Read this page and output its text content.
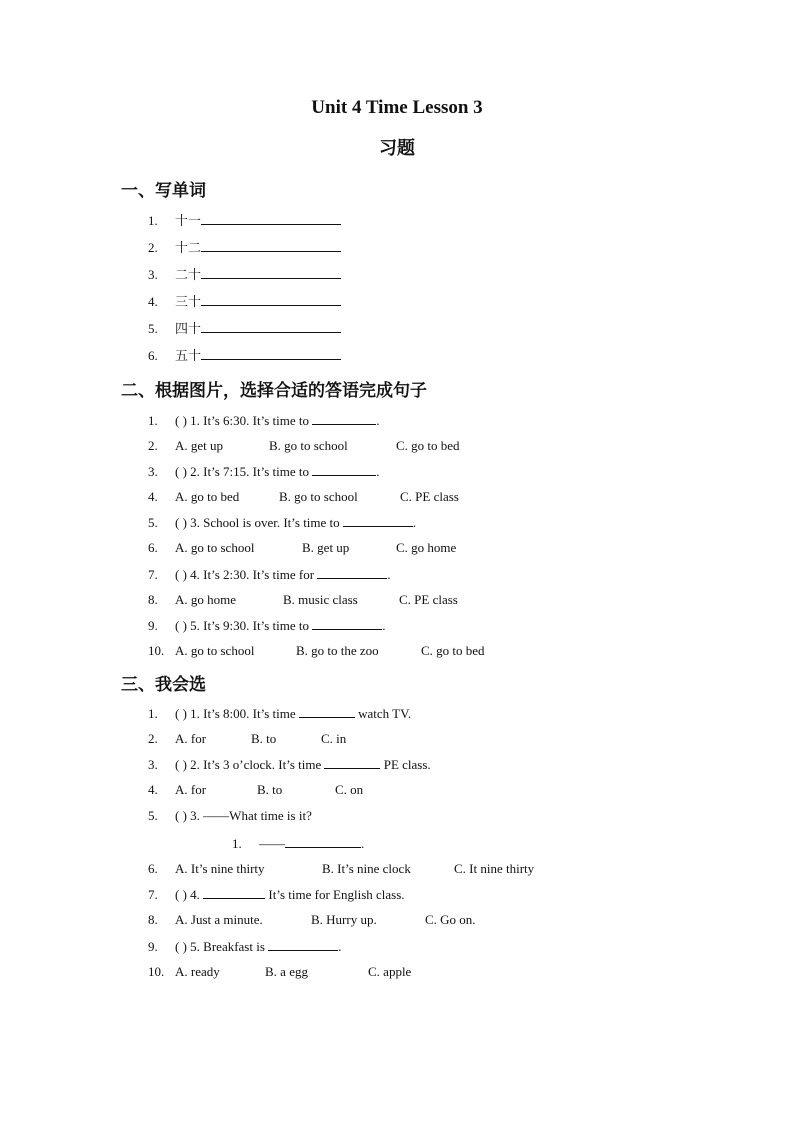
Unit 4 Time Lesson 3
习题
一、写单词
1. 十一
2. 十二
3. 二十
4. 三十
5. 四十
6. 五十
二、根据图片，选择合适的答语完成句子
1. ( ) 1. It’s 6:30. It’s time to	.
2. A. get up	B. go to school	C. go to bed
3. ( ) 2. It’s 7:15. It’s time to	.
4. A. go to bed	B. go to school	C. PE class
5. ( ) 3. School is over. It’s time to	.
6. A. go to school	B. get up	C. go home
7. ( ) 4. It’s 2:30. It’s time for	.
8. A. go home	B. music class	C. PE class
9. ( ) 5. It’s 9:30. It’s time to	.
10. A. go to school	B. go to the zoo	C. go to bed
三、我会选
1. ( ) 1. It’s 8:00. It’s time	watch TV.
2. A. for	B. to	C. in
3. ( ) 2. It’s 3 o’clock. It’s time	PE class.
4. A. for	B. to	C. on
5. ( ) 3. ——What time is it?
1. ——	.
6. A. It’s nine thirty	B. It’s nine clock	C. It nine thirty
7. ( ) 4.	It’s time for English class.
8. A. Just a minute.	B. Hurry up.	C. Go on.
9. ( ) 5. Breakfast is	.
10. A. ready	B. a egg	C. apple
